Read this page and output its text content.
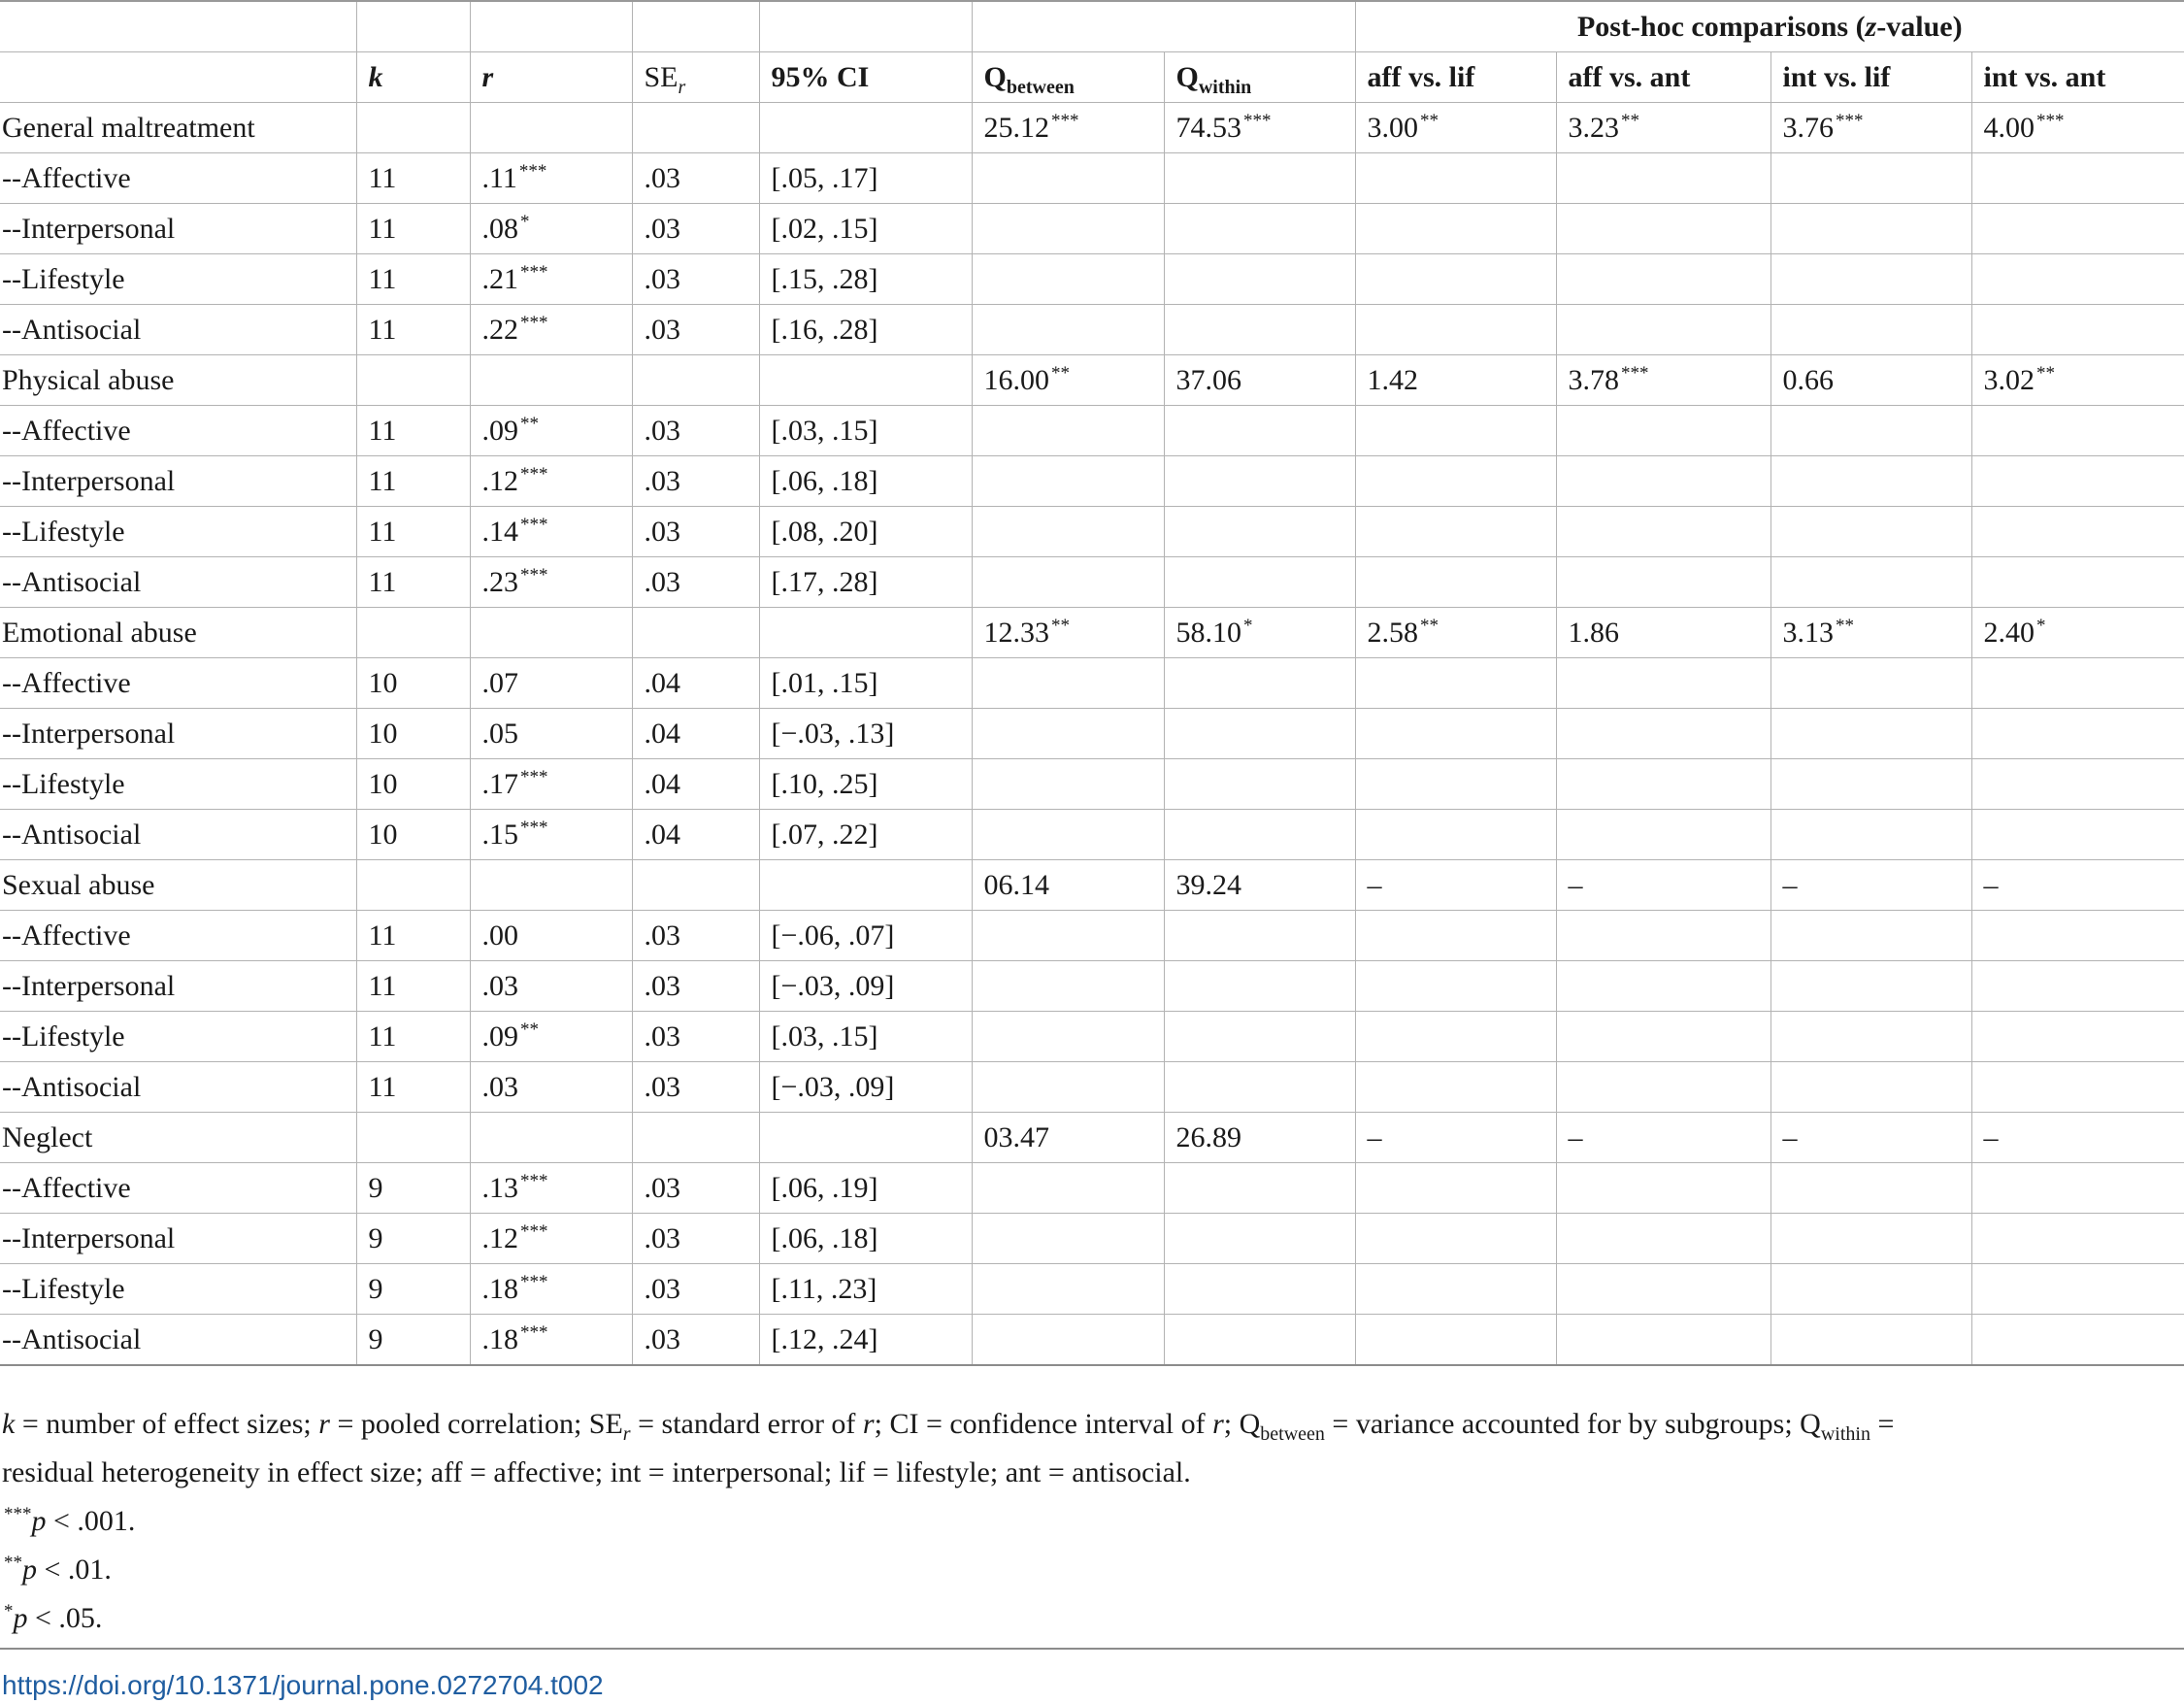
							Post-hoc comparisons (z-value)			
	k	r	$SE_r$	95% CI	$Q_{between}$	$Q_{within}$	aff vs. lif	aff vs. ant	int vs. lif	int vs. ant
General maltreatment					25.12 ***	74.53 ***	3.00 **	3.23 **	3.76 ***	4.00 ***
--Affective	11	.11 ***	.03	[.05, .17]						
--Interpersonal	11	.08 *	.03	[.02, .15]						
--Lifestyle	11	.21 ***	.03	[.15, .28]						
--Antisocial	11	.22 ***	.03	[.16, .28]						
Physical abuse					16.00 **	37.06	1.42	3.78 ***	0.66	3.02 **
--Affective	11	.09 **	.03	[.03, .15]						
--Interpersonal	11	.12 ***	.03	[.06, .18]						
--Lifestyle	11	.14 ***	.03	[.08, .20]						
--Antisocial	11	.23 ***	.03	[.17, .28]						
Emotional abuse					12.33 **	58.10 *	2.58 **	1.86	3.13 **	2.40 *
--Affective	10	.07	.04	[.01, .15]						
--Interpersonal	10	.05	.04	[−.03, .13]						
--Lifestyle	10	.17 ***	.04	[.10, .25]						
--Antisocial	10	.15 ***	.04	[.07, .22]						
Sexual abuse					06.14	39.24	–	–	–	–
--Affective	11	.00	.03	[−.06, .07]						
--Interpersonal	11	.03	.03	[−.03, .09]						
--Lifestyle	11	.09 **	.03	[.03, .15]						
--Antisocial	11	.03	.03	[−.03, .09]						
Neglect					03.47	26.89	–	–	–	–
--Affective	9	.13 ***	.03	[.06, .19]						
--Interpersonal	9	.12 ***	.03	[.06, .18]						
--Lifestyle	9	.18 ***	.03	[.11, .23]						
--Antisocial	9	.18 ***	.03	[.12, .24]						

k = number of effect sizes; r = pooled correlation; $SE_r$ = standard error of r; CI = confidence interval of r; $Q_{between}$ = variance accounted for by subgroups; $Q_{within}$ =
residual heterogeneity in effect size; aff = affective; int = interpersonal; lif = lifestyle; ant = antisocial.

***p < .001.

**p < .01.

*p < .05.

https://doi.org/10.1371/journal.pone.0272704.t002
